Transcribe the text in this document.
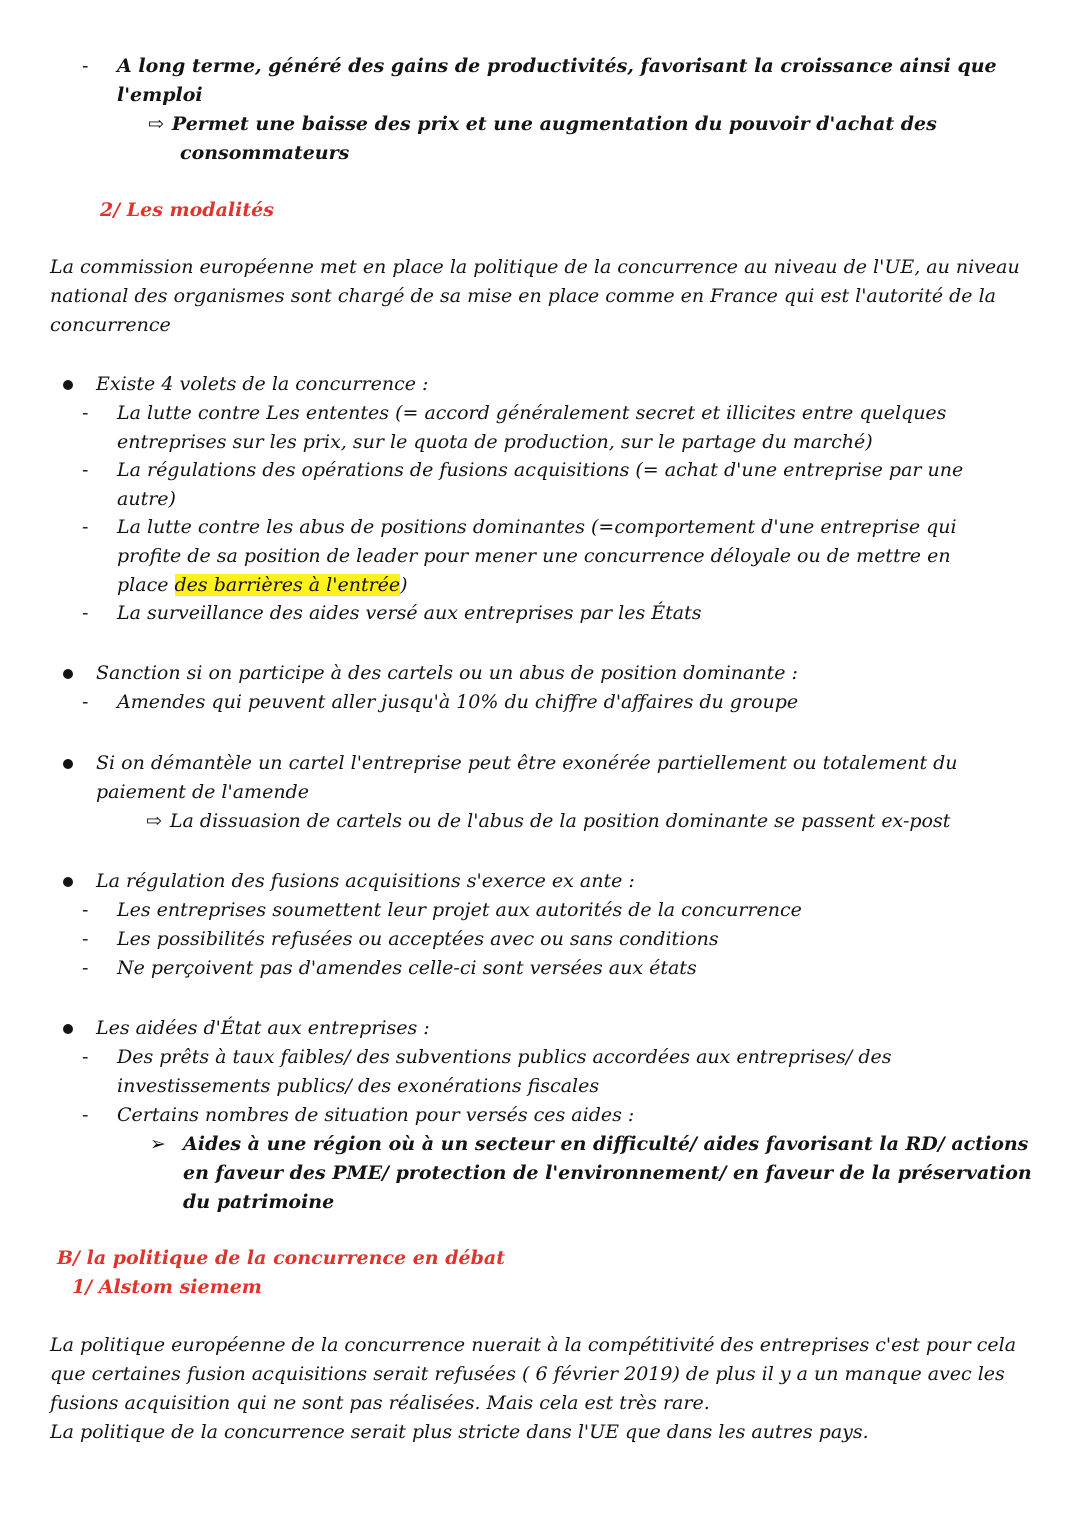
- A long terme, généré des gains de productivités, favorisant la croissance ainsi que l'emploi

⇨ Permet une baisse des prix et une augmentation du pouvoir d'achat des consommateurs

2/ Les modalités

La commission européenne met en place la politique de la concurrence au niveau de l'UE, au niveau national des organismes sont chargé de sa mise en place comme en France qui est l'autorité de la concurrence

Existe 4 volets de la concurrence :

- La lutte contre Les ententes (= accord généralement secret et illicites entre quelques entreprises sur les prix, sur le quota de production, sur le partage du marché)

- La régulations des opérations de fusions acquisitions (= achat d'une entreprise par une autre)

- La lutte contre les abus de positions dominantes (=comportement d'une entreprise qui profite de sa position de leader pour mener une concurrence déloyale ou de mettre en place des barrières à l'entrée)

- La surveillance des aides versé aux entreprises par les États

Sanction si on participe à des cartels ou un abus de position dominante :

- Amendes qui peuvent aller jusqu'à 10% du chiffre d'affaires du groupe

Si on démantèle un cartel l'entreprise peut être exonérée partiellement ou totalement du paiement de l'amende

⇨ La dissuasion de cartels ou de l'abus de la position dominante se passent ex-post

La régulation des fusions acquisitions s'exerce ex ante :

- Les entreprises soumettent leur projet aux autorités de la concurrence

- Les possibilités refusées ou acceptées avec ou sans conditions

- Ne perçoivent pas d'amendes celle-ci sont versées aux états

Les aidées d'État aux entreprises :

- Des prêts à taux faibles/ des subventions publics accordées aux entreprises/ des investissements publics/ des exonérations fiscales

- Certains nombres de situation pour versés ces aides :

➢ Aides à une région où à un secteur en difficulté/ aides favorisant la RD/ actions en faveur des PME/ protection de l'environnement/ en faveur de la préservation du patrimoine

B/ la politique de la concurrence en débat

1/ Alstom siemem

La politique européenne de la concurrence nuerait à la compétitivité des entreprises c'est pour cela que certaines fusion acquisitions serait refusées ( 6 février 2019) de plus il y a un manque avec les fusions acquisition qui ne sont pas réalisées. Mais cela est très rare.

La politique de la concurrence serait plus stricte dans l'UE que dans les autres pays.
